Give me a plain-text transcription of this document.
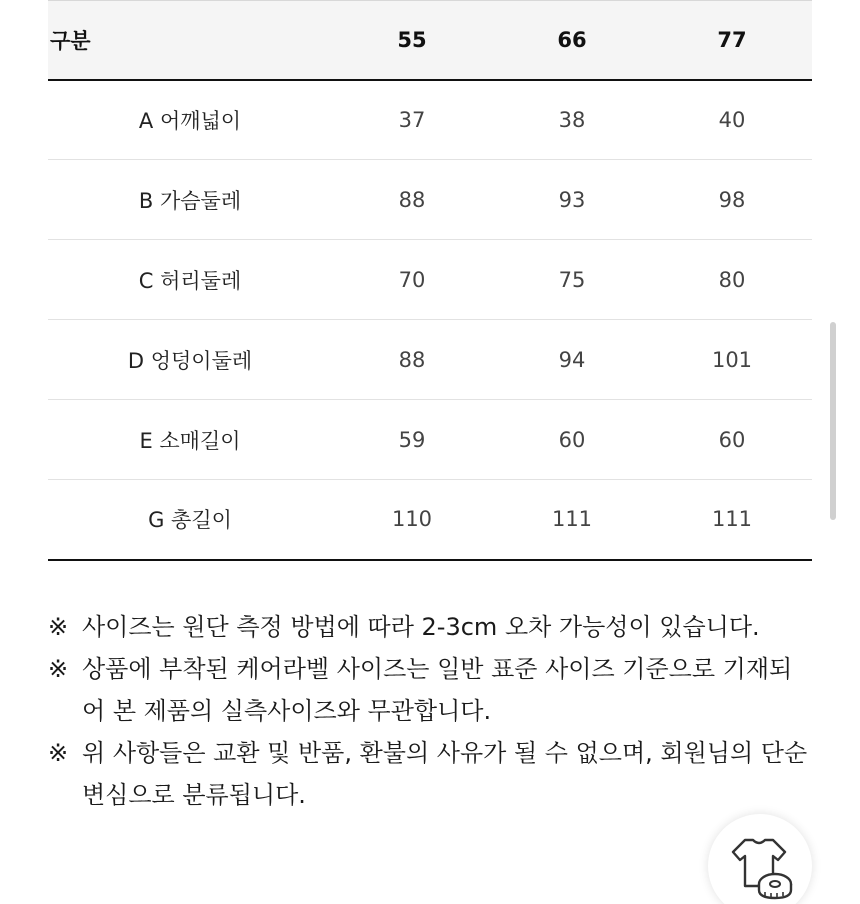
구분	55	66	77
A 어깨넓이	37	38	40
B 가슴둘레	88	93	98
C 허리둘레	70	75	80
D 엉덩이둘레	88	94	101
E 소매길이	59	60	60
G 총길이	110	111	111

※ 사이즈는 원단 측정 방법에 따라 2-3cm 오차 가능성이 있습니다.

※ 상품에 부착된 케어라벨 사이즈는 일반 표준 사이즈 기준으로 기재되어 본 제품의 실측사이즈와 무관합니다.

※ 위 사항들은 교환 및 반품, 환불의 사유가 될 수 없으며, 회원님의 단순 변심으로 분류됩니다.
